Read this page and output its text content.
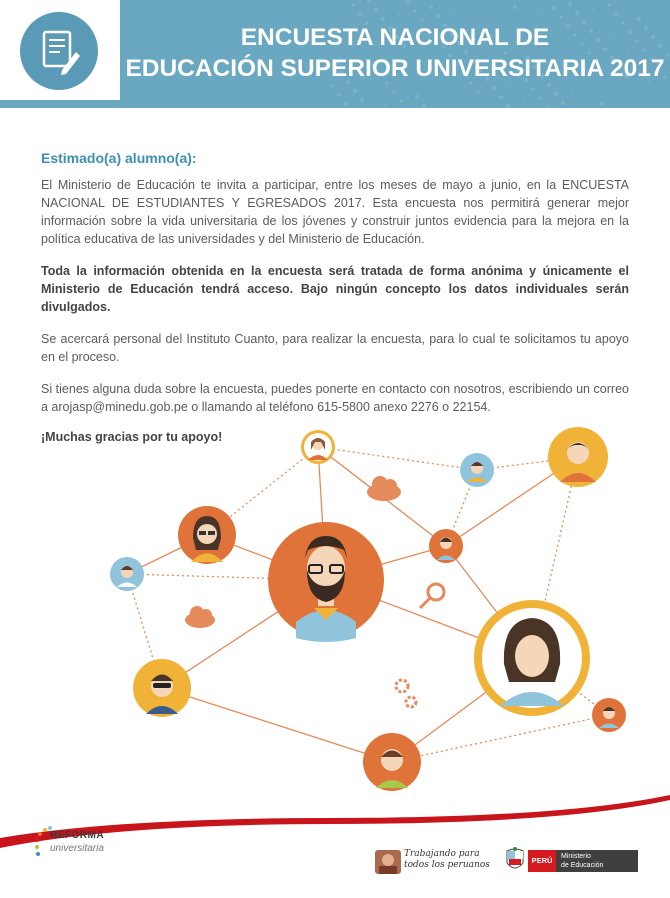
ENCUESTA NACIONAL DE
EDUCACIÓN SUPERIOR UNIVERSITARIA 2017
Estimado(a) alumno(a):

El Ministerio de Educación te invita a participar, entre los meses de mayo a junio, en la ENCUESTA NACIONAL DE ESTUDIANTES Y EGRESADOS 2017. Esta encuesta nos permitirá generar mejor información sobre la vida universitaria de los jóvenes y construir juntos evidencia para la mejora en la política educativa de las universidades y del Ministerio de Educación.

Toda la información obtenida en la encuesta será tratada de forma anónima y únicamente el Ministerio de Educación tendrá acceso. Bajo ningún concepto los datos individuales serán divulgados.

Se acercará personal del Instituto Cuanto, para realizar la encuesta, para lo cual te solicitamos tu apoyo en el proceso.

Si tienes alguna duda sobre la encuesta, puedes ponerte en contacto con nosotros, escribiendo un correo a arojasp@minedu.gob.pe o llamando al teléfono 615-5800 anexo 2276 o 22154.

¡Muchas gracias por tu apoyo!
REFORMA
universitaria	Trabajando para
todos los peruanos	PERÚ	Ministerio
de Educación
